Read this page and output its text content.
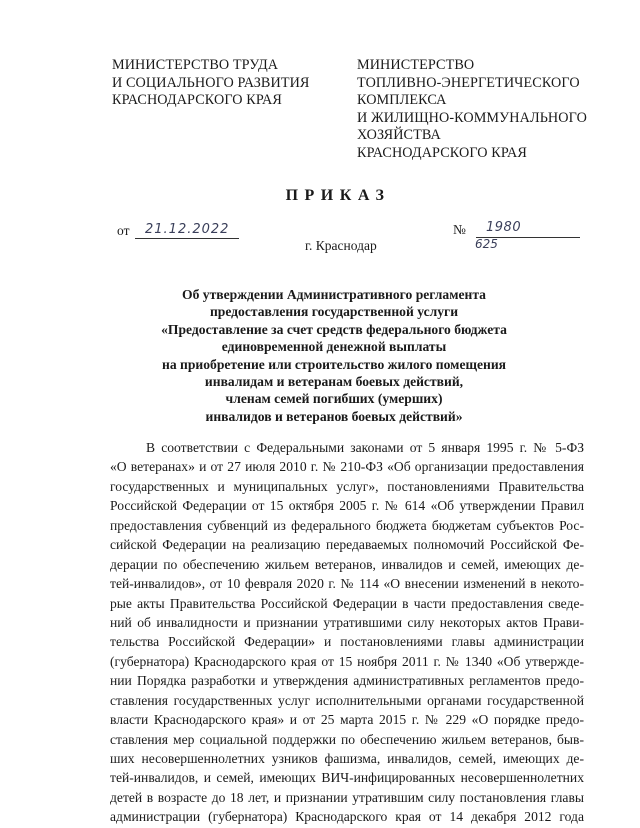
МИНИСТЕРСТВО ТРУДА
И СОЦИАЛЬНОГО РАЗВИТИЯ
КРАСНОДАРСКОГО КРАЯ
МИНИСТЕРСТВО
ТОПЛИВНО-ЭНЕРГЕТИЧЕСКОГО
КОМПЛЕКСА
И ЖИЛИЩНО-КОММУНАЛЬНОГО
ХОЗЯЙСТВА
КРАСНОДАРСКОГО КРАЯ
ПРИКАЗ
от 21.12.2022	№ 1980
625
г. Краснодар
Об утверждении Административного регламента
предоставления государственной услуги
«Предоставление за счет средств федерального бюджета
единовременной денежной выплаты
на приобретение или строительство жилого помещения
инвалидам и ветеранам боевых действий,
членам семей погибших (умерших)
инвалидов и ветеранов боевых действий»
В соответствии с Федеральными законами от 5 января 1995 г. № 5-ФЗ
«О ветеранах» и от 27 июля 2010 г. № 210-ФЗ «Об организации предоставления
государственных и муниципальных услуг», постановлениями Правительства
Российской Федерации от 15 октября 2005 г. № 614 «Об утверждении Правил
предоставления субвенций из федерального бюджета бюджетам субъектов Рос-
сийской Федерации на реализацию передаваемых полномочий Российской Фе-
дерации по обеспечению жильем ветеранов, инвалидов и семей, имеющих де-
тей-инвалидов», от 10 февраля 2020 г. № 114 «О внесении изменений в некото-
рые акты Правительства Российской Федерации в части предоставления сведе-
ний об инвалидности и признании утратившими силу некоторых актов Прави-
тельства Российской Федерации» и постановлениями главы администрации
(губернатора) Краснодарского края от 15 ноября 2011 г. № 1340 «Об утвержде-
нии Порядка разработки и утверждения административных регламентов предо-
ставления государственных услуг исполнительными органами государственной
власти Краснодарского края» и от 25 марта 2015 г. № 229 «О порядке предо-
ставления мер социальной поддержки по обеспечению жильем ветеранов, быв-
ших несовершеннолетних узников фашизма, инвалидов, семей, имеющих де-
тей-инвалидов, и семей, имеющих ВИЧ-инфицированных несовершеннолетних
детей в возрасте до 18 лет, и признании утратившим силу постановления главы
администрации (губернатора) Краснодарского края от 14 декабря 2012 года
